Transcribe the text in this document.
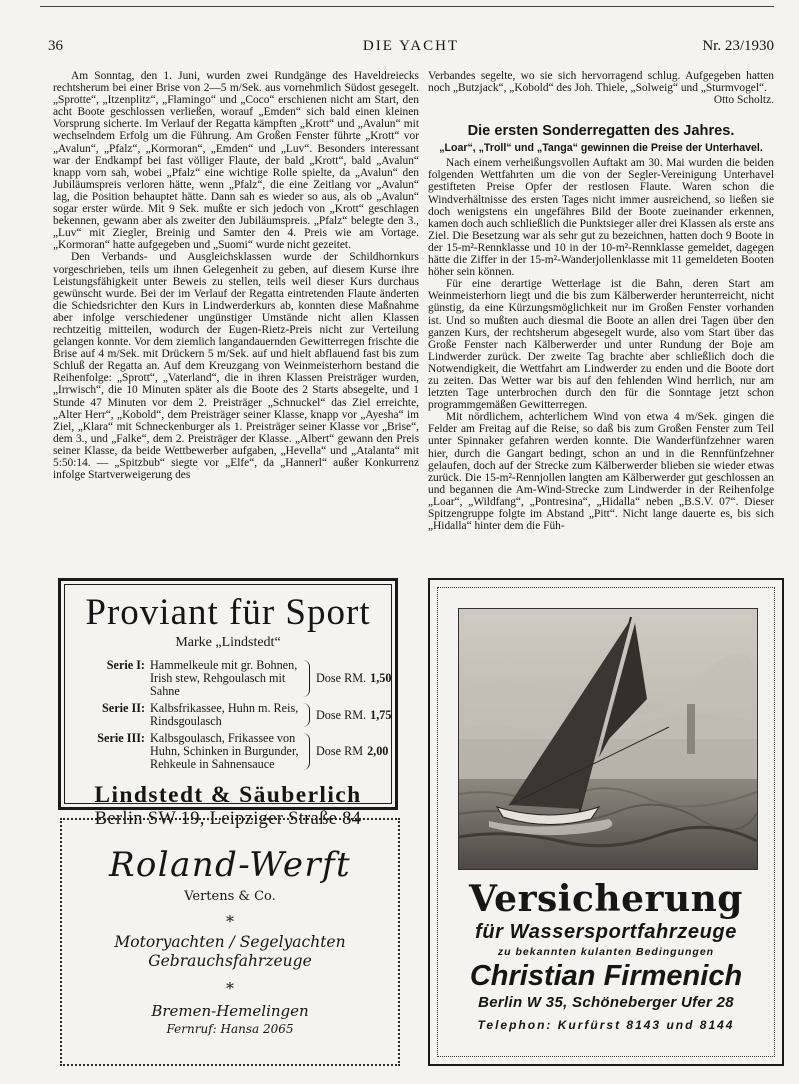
36	DIE YACHT	Nr. 23/1930

Am Sonntag, den 1. Juni, wurden zwei Rundgänge des Haveldreiecks rechtsherum bei einer Brise von 2—5 m/Sek. aus vornehmlich Südost gesegelt. „Sprotte“, „Itzenplitz“, „Flamingo“ und „Coco“ erschienen nicht am Start, den acht Boote geschlossen verließen, worauf „Emden“ sich bald einen kleinen Vorsprung sicherte. Im Verlauf der Regatta kämpften „Krott“ und „Avalun“ mit wechselndem Erfolg um die Führung. Am Großen Fenster führte „Krott“ vor „Avalun“, „Pfalz“, „Kormoran“, „Emden“ und „Luv“. Besonders interessant war der Endkampf bei fast völliger Flaute, der bald „Krott“, bald „Avalun“ knapp vorn sah, wobei „Pfalz“ eine wichtige Rolle spielte, da „Avalun“ den Jubiläumspreis verloren hätte, wenn „Pfalz“, die eine Zeitlang vor „Avalun“ lag, die Position behauptet hätte. Dann sah es wieder so aus, als ob „Avalun“ sogar erster würde. Mit 9 Sek. mußte er sich jedoch von „Krott“ geschlagen bekennen, gewann aber als zweiter den Jubiläumspreis. „Pfalz“ belegte den 3., „Luv“ mit Ziegler, Breinig und Samter den 4. Preis wie am Vortage. „Kormoran“ hatte aufgegeben und „Suomi“ wurde nicht gezeitet.

Den Verbands- und Ausgleichsklassen wurde der Schildhornkurs vorgeschrieben, teils um ihnen Gelegenheit zu geben, auf diesem Kurse ihre Leistungsfähigkeit unter Beweis zu stellen, teils weil dieser Kurs durchaus gewünscht wurde. Bei der im Verlauf der Regatta eintretenden Flaute änderten die Schiedsrichter den Kurs in Lindwerderkurs ab, konnten diese Maßnahme aber infolge verschiedener ungünstiger Umstände nicht allen Klassen rechtzeitig mitteilen, wodurch der Eugen-Rietz-Preis nicht zur Verteilung gelangen konnte. Vor dem ziemlich langandauernden Gewitterregen frischte die Brise auf 4 m/Sek. mit Drückern 5 m/Sek. auf und hielt abflauend fast bis zum Schluß der Regatta an. Auf dem Kreuzgang von Weinmeisterhorn bestand die Reihenfolge: „Sprott“, „Vaterland“, die in ihren Klassen Preisträger wurden, „Irrwisch“, die 10 Minuten später als die Boote des 2 Starts absegelte, und 1 Stunde 47 Minuten vor dem 2. Preisträger „Schnuckel“ das Ziel erreichte, „Alter Herr“, „Kobold“, dem Preisträger seiner Klasse, knapp vor „Ayesha“ im Ziel, „Klara“ mit Schneckenburger als 1. Preisträger seiner Klasse vor „Brise“, dem 3., und „Falke“, dem 2. Preisträger der Klasse. „Albert“ gewann den Preis seiner Klasse, da beide Wettbewerber aufgaben, „Hevella“ und „Atalanta“ mit 5:50:14. — „Spitzbub“ siegte vor „Elfe“, da „Hannerl“ außer Konkurrenz infolge Startverweigerung des

Verbandes segelte, wo sie sich hervorragend schlug. Aufgegeben hatten noch „Butzjack“, „Kobold“ des Joh. Thiele, „Solweig“ und „Sturmvogel“.

Otto Scholtz.

Die ersten Sonderregatten des Jahres.
„Loar“, „Troll“ und „Tanga“ gewinnen die Preise der Unterhavel.

Nach einem verheißungsvollen Auftakt am 30. Mai wurden die beiden folgenden Wettfahrten um die von der Segler-Vereinigung Unterhavel gestifteten Preise Opfer der restlosen Flaute. Waren schon die Windverhältnisse des ersten Tages nicht immer ausreichend, so ließen sie doch wenigstens ein ungefähres Bild der Boote zueinander erkennen, kamen doch auch schließlich die Punktsieger aller drei Klassen als erste ans Ziel. Die Besetzung war als sehr gut zu bezeichnen, hatten doch 9 Boote in der 15-m²-Rennklasse und 10 in der 10-m²-Rennklasse gemeldet, dagegen hätte die Ziffer in der 15-m²-Wanderjollenklasse mit 11 gemeldeten Booten höher sein können.

Für eine derartige Wetterlage ist die Bahn, deren Start am Weinmeisterhorn liegt und die bis zum Kälberwerder herunterreicht, nicht günstig, da eine Kürzungsmöglichkeit nur im Großen Fenster vorhanden ist. Und so mußten auch diesmal die Boote an allen drei Tagen über den ganzen Kurs, der rechtsherum abgesegelt wurde, also vom Start über das Große Fenster nach Kälberwerder und unter Rundung der Boje am Lindwerder zurück. Der zweite Tag brachte aber schließlich doch die Notwendigkeit, die Wettfahrt am Lindwerder zu enden und die Boote dort zu zeiten. Das Wetter war bis auf den fehlenden Wind herrlich, nur am letzten Tage unterbrochen durch den für die Sonntage jetzt schon programmgemäßen Gewitterregen.

Mit nördlichem, achterlichem Wind von etwa 4 m/Sek. gingen die Felder am Freitag auf die Reise, so daß bis zum Großen Fenster zum Teil unter Spinnaker gefahren werden konnte. Die Wanderfünfzehner waren hier, durch die Gangart bedingt, schon an und in die Rennfünfzehner gelaufen, doch auf der Strecke zum Kälberwerder blieben sie wieder etwas zurück. Die 15-m²-Rennjollen langten am Kälberwerder gut geschlossen an und begannen die Am-Wind-Strecke zum Lindwerder in der Reihenfolge „Loar“, „Wildfang“, „Pontresina“, „Hidalla“ neben „B.S.V. 07“. Dieser Spitzengruppe folgte im Abstand „Pitt“. Nicht lange dauerte es, bis sich „Hidalla“ hinter dem die Füh-

Proviant für Sport
Marke „Lindstedt“
Serie I: Hammelkeule mit gr. Bohnen,
Irish stew, Rehgoulasch mit
Sahne
Dose RM. 1,50
Serie II: Kalbsfrikassee, Huhn m. Reis,
Rindsgoulasch	Dose RM. 1,75
Serie III: Kalbsgoulasch, Frikassee von
Huhn, Schinken in Burgunder,
Rehkeule in Sahnensauce
Dose RM 2,00
Lindstedt & Säuberlich
Berlin SW 19, Leipziger Straße 84
Roland-Werft
Vertens & Co.
*
Motoryachten / Segelyachten
Gebrauchsfahrzeuge
*
Bremen-Hemelingen
Fernruf: Hansa 2065
Versicherung
für Wassersportfahrzeuge
zu bekannten kulanten Bedingungen
Christian Firmenich
Berlin W 35, Schöneberger Ufer 28
Telephon: Kurfürst 8143 und 8144
